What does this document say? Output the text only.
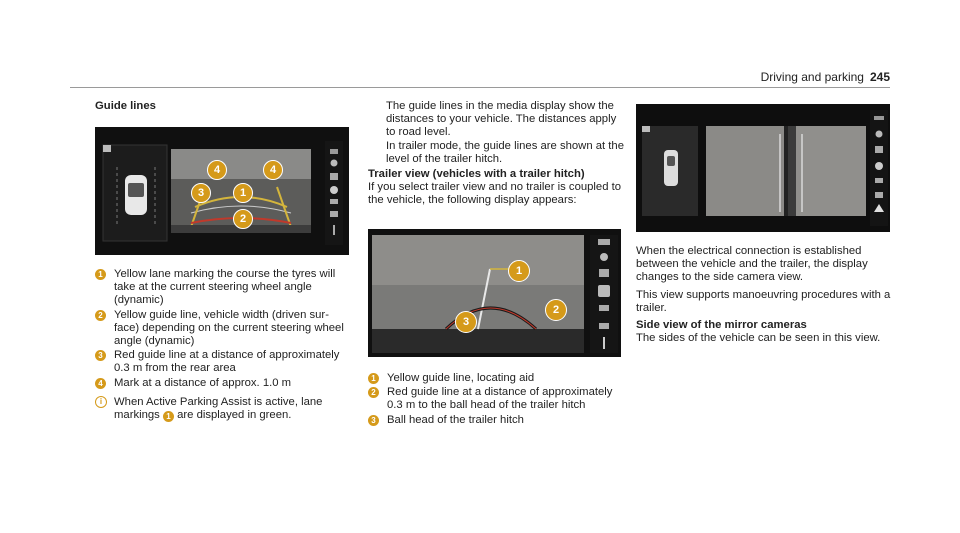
Driving and parking 245

Guide lines

1
2
3
4	4

1 Yellow lane marking the course the tyres will take at the current steering wheel angle (dynamic)

2 Yellow guide line, vehicle width (driven sur-face) depending on the current steering wheel angle (dynamic)

3 Red guide line at a distance of approximately 0.3 m from the rear area

4 Mark at a distance of approx. 1.0 m

i	When Active Parking Assist is active, lane markings 1 are displayed in green.

The guide lines in the media display show the distances to your vehicle. The distances apply to road level.

In trailer mode, the guide lines are shown at the level of the trailer hitch.

Trailer view (vehicles with a trailer hitch)

If you select trailer view and no trailer is coupled to the vehicle, the following display appears:

1
2
3

1 Yellow guide line, locating aid

2 Red guide line at a distance of approximately 0.3 m to the ball head of the trailer hitch

3 Ball head of the trailer hitch

When the electrical connection is established between the vehicle and the trailer, the display changes to the side camera view.

This view supports manoeuvring procedures with a trailer.

Side view of the mirror cameras

The sides of the vehicle can be seen in this view.
